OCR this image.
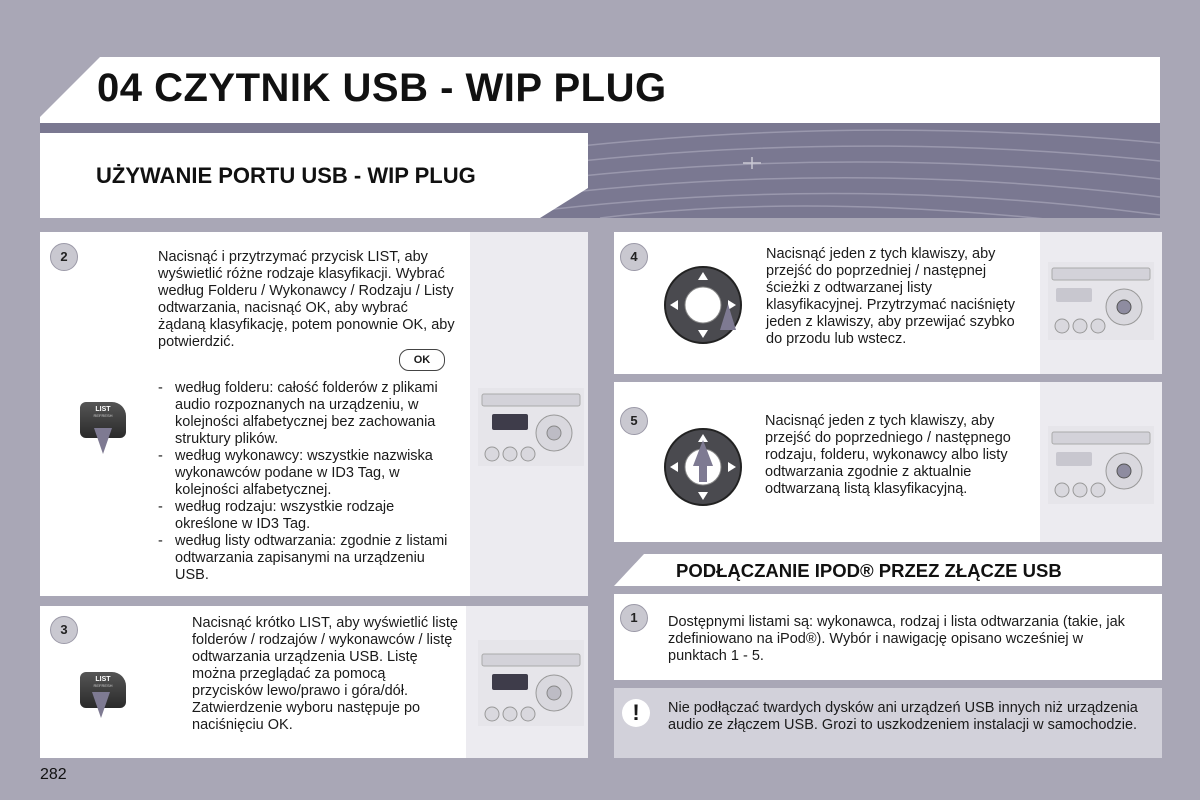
04 CZYTNIK USB - WIP PLUG
UŻYWANIE PORTU USB - WIP PLUG
2	Nacisnąć i przytrzymać przycisk LIST, aby wyświetlić różne rodzaje klasyfikacji. Wybrać według Folderu / Wykonawcy / Rodzaju / Listy odtwarzania, nacisnąć OK, aby wybrać żądaną klasyfikację, potem ponownie OK, aby potwierdzić.
OK
- według folderu: całość folderów z plikami audio rozpoznanych na urządzeniu, w kolejności alfabetycznej bez zachowania struktury plików.
- według wykonawcy: wszystkie nazwiska wykonawców podane w ID3 Tag, w kolejności alfabetycznej.
- według rodzaju: wszystkie rodzaje określone w ID3 Tag.
- według listy odtwarzania: zgodnie z listami odtwarzania zapisanymi na urządzeniu USB.
LIST
REFRESH
3	Nacisnąć krótko LIST, aby wyświetlić listę folderów / rodzajów / wykonawców / listę odtwarzania urządzenia USB. Listę można przeglądać za pomocą przycisków lewo/prawo i góra/dół. Zatwierdzenie wyboru następuje po naciśnięciu OK.
LIST
REFRESH
4	Nacisnąć jeden z tych klawiszy, aby przejść do poprzedniej / następnej ścieżki z odtwarzanej listy klasyfikacyjnej. Przytrzymać naciśnięty jeden z klawiszy, aby przewijać szybko do przodu lub wstecz.
5	Nacisnąć jeden z tych klawiszy, aby przejść do poprzedniego / następnego rodzaju, folderu, wykonawcy albo listy odtwarzania zgodnie z aktualnie odtwarzaną listą klasyfikacyjną.
PODŁĄCZANIE IPOD® PRZEZ ZŁĄCZE USB
1	Dostępnymi listami są: wykonawca, rodzaj i lista odtwarzania (takie, jak zdefiniowano na iPod®). Wybór i nawigację opisano wcześniej w punktach 1 - 5.
!	Nie podłączać twardych dysków ani urządzeń USB innych niż urządzenia audio ze złączem USB. Grozi to uszkodzeniem instalacji w samochodzie.
282
